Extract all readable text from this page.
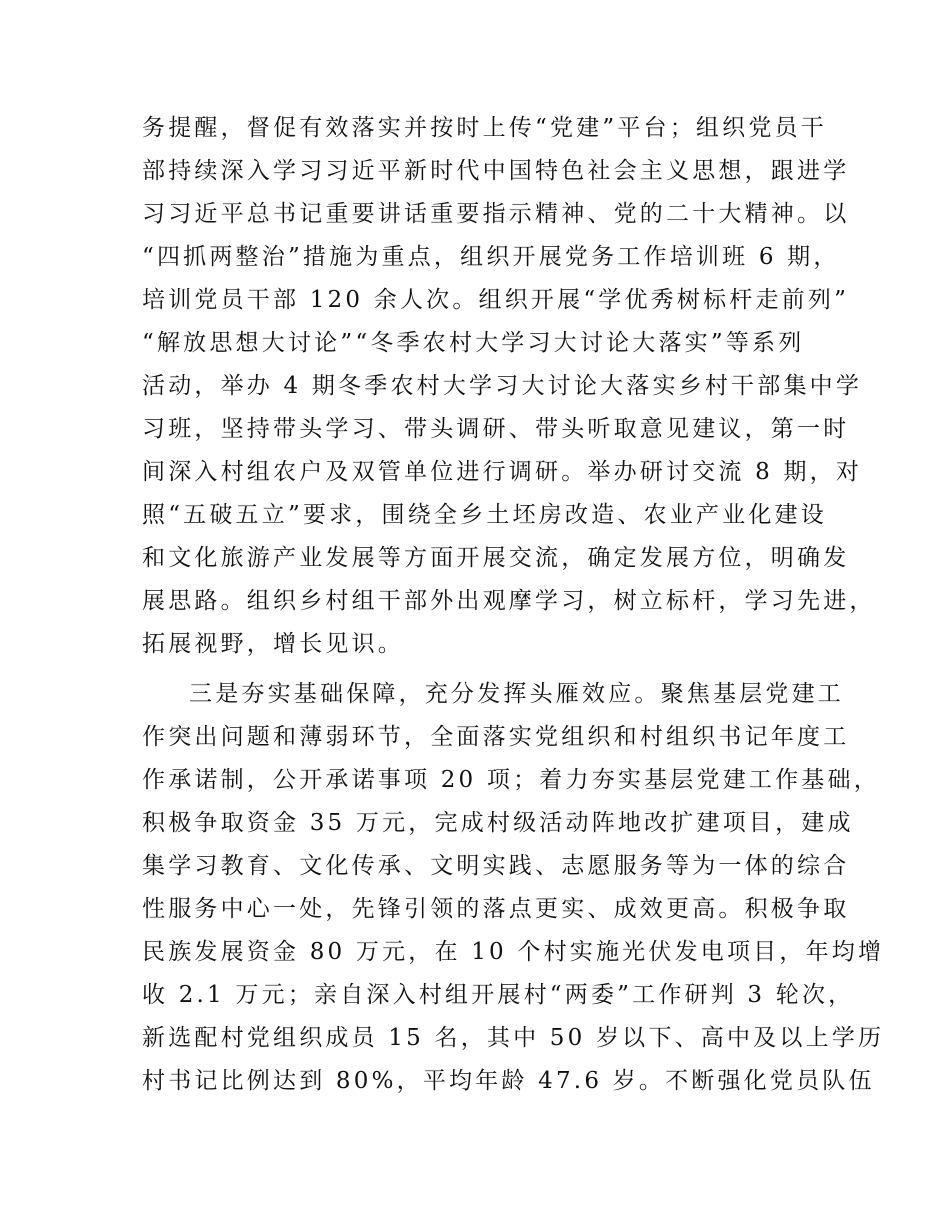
务提醒，督促有效落实并按时上传“党建”平台；组织党员干
部持续深入学习习近平新时代中国特色社会主义思想，跟进学
习习近平总书记重要讲话重要指示精神、党的二十大精神。以
“四抓两整治”措施为重点，组织开展党务工作培训班 6 期，
培训党员干部 120 余人次。组织开展“学优秀树标杆走前列”
“解放思想大讨论”“冬季农村大学习大讨论大落实”等系列
活动，举办 4 期冬季农村大学习大讨论大落实乡村干部集中学
习班，坚持带头学习、带头调研、带头听取意见建议，第一时
间深入村组农户及双管单位进行调研。举办研讨交流 8 期，对
照“五破五立”要求，围绕全乡土坯房改造、农业产业化建设
和文化旅游产业发展等方面开展交流，确定发展方位，明确发
展思路。组织乡村组干部外出观摩学习，树立标杆，学习先进，
拓展视野，增长见识。
三是夯实基础保障，充分发挥头雁效应。聚焦基层党建工
作突出问题和薄弱环节，全面落实党组织和村组织书记年度工
作承诺制，公开承诺事项 20 项；着力夯实基层党建工作基础，
积极争取资金 35 万元，完成村级活动阵地改扩建项目，建成
集学习教育、文化传承、文明实践、志愿服务等为一体的综合
性服务中心一处，先锋引领的落点更实、成效更高。积极争取
民族发展资金 80 万元，在 10 个村实施光伏发电项目，年均增
收 2.1 万元；亲自深入村组开展村“两委”工作研判 3 轮次，
新选配村党组织成员 15 名，其中 50 岁以下、高中及以上学历
村书记比例达到 80%，平均年龄 47.6 岁。不断强化党员队伍
